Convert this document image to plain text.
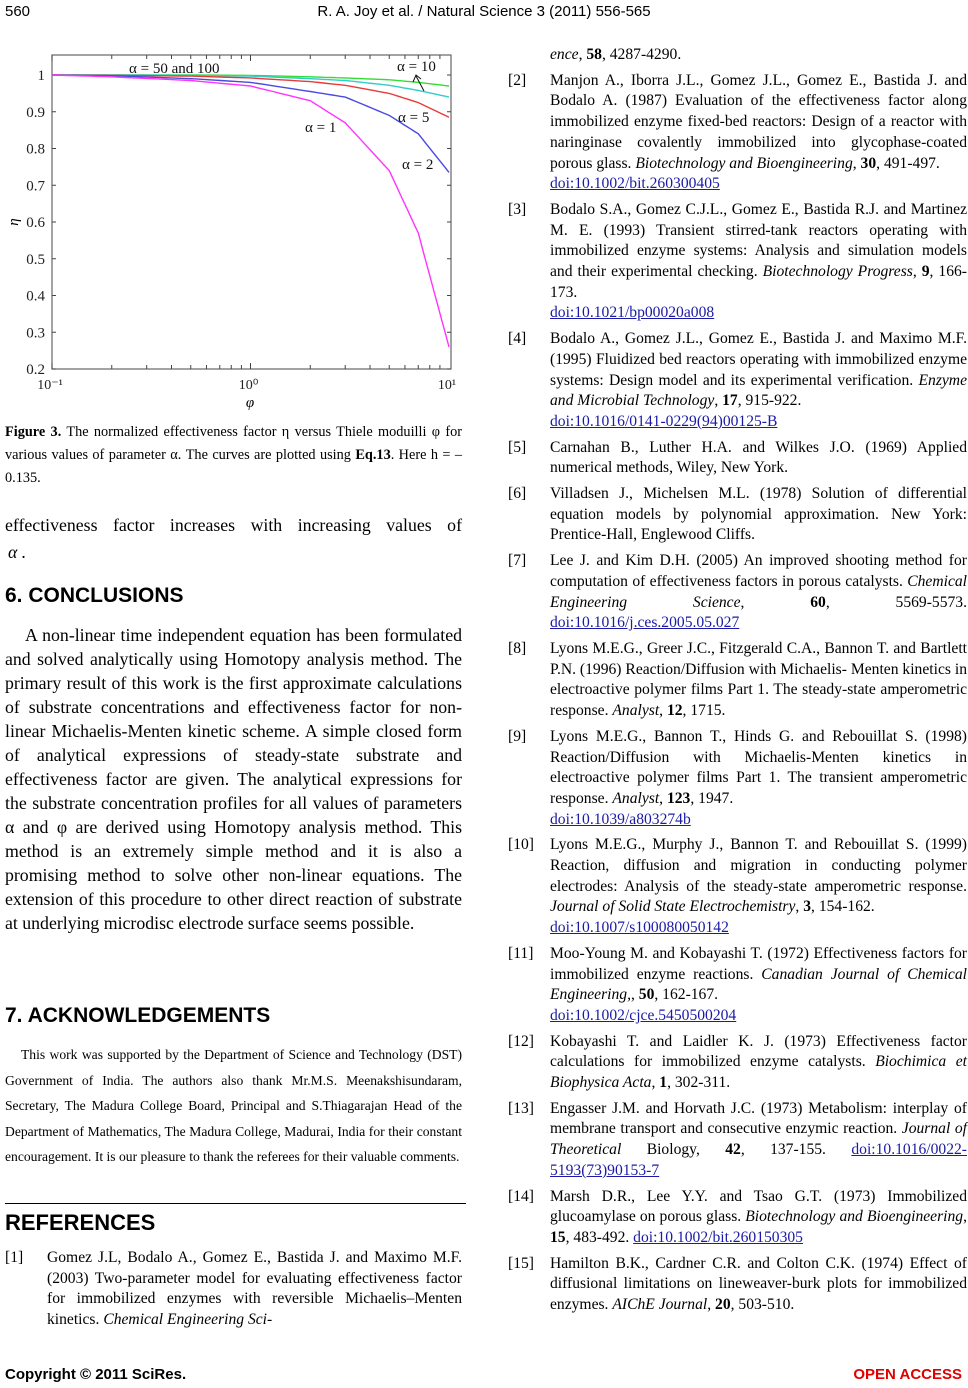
560	R. A. Joy et al. / Natural Science 3 (2011) 556-565
0.2
0.3
0.4
0.5
0.6
0.7
0.8
0.9
1
10⁻¹	10⁰	10¹
φ
η
α = 50 and 100	α = 10
α = 5
α = 1
α = 2
Figure 3. The normalized effectiveness factor η versus Thiele moduilli φ for various values of parameter α. The curves are plotted using Eq.13. Here h = –0.135.
effectiveness factor increases with increasing values of
α .
6. CONCLUSIONS
A non-linear time independent equation has been formulated and solved analytically using Homotopy analysis method. The primary result of this work is the first approximate calculations of substrate concentrations and effectiveness factor for non-linear Michaelis-Menten kinetic scheme. A simple closed form of analytical expressions of steady-state substrate and effectiveness factor are given. The analytical expressions for the substrate concentration profiles for all values of parameters α and φ are derived using Homotopy analysis method. This method is an extremely simple method and it is also a promising method to solve other non-linear equations. The extension of this procedure to other direct reaction of substrate at underlying microdisc electrode surface seems possible.
7. ACKNOWLEDGEMENTS
This work was supported by the Department of Science and Technology (DST) Government of India. The authors also thank Mr.M.S. Meenakshisundaram, Secretary, The Madura College Board, Principal and S.Thiagarajan Head of the Department of Mathematics, The Madura College, Madurai, India for their constant encouragement. It is our pleasure to thank the referees for their valuable comments.
REFERENCES
[1]	Gomez J.L, Bodalo A., Gomez E., Bastida J. and Maximo M.F. (2003) Two-parameter model for evaluating effectiveness factor for immobilized enzymes with reversible Michaelis–Menten kinetics. Chemical Engineering Sci-
ence, 58, 4287-4290.
[2]	Manjon A., Iborra J.L., Gomez J.L., Gomez E., Bastida J. and Bodalo A. (1987) Evaluation of the effectiveness factor along immobilized enzyme fixed-bed reactors: Design of a reactor with naringinase covalently immobilized into glycophase-coated porous glass. Biotechnology and Bioengineering, 30, 491-497.
doi:10.1002/bit.260300405
[3]	Bodalo S.A., Gomez C.J.L., Gomez E., Bastida R.J. and Martinez M. E. (1993) Transient stirred-tank reactors operating with immobilized enzyme systems: Analysis and simulation models and their experimental checking. Biotechnology Progress, 9, 166-173.
doi:10.1021/bp00020a008
[4]	Bodalo A., Gomez J.L., Gomez E., Bastida J. and Maximo M.F. (1995) Fluidized bed reactors operating with immobilized enzyme systems: Design model and its experimental verification. Enzyme and Microbial Technology, 17, 915-922.
doi:10.1016/0141-0229(94)00125-B
[5]	Carnahan B., Luther H.A. and Wilkes J.O. (1969) Applied numerical methods, Wiley, New York.
[6]	Villadsen J., Michelsen M.L. (1978) Solution of differential equation models by polynomial approximation. New York: Prentice-Hall, Englewood Cliffs.
[7]	Lee J. and Kim D.H. (2005) An improved shooting method for computation of effectiveness factors in porous catalysts. Chemical Engineering Science, 60, 5569-5573. doi:10.1016/j.ces.2005.05.027
[8]	Lyons M.E.G., Greer J.C., Fitzgerald C.A., Bannon T. and Bartlett P.N. (1996) Reaction/Diffusion with Michaelis- Menten kinetics in electroactive polymer films Part 1. The steady-state amperometric response. Analyst, 12, 1715.
[9]	Lyons M.E.G., Bannon T., Hinds G. and Rebouillat S. (1998) Reaction/Diffusion with Michaelis-Menten kinetics in electroactive polymer films Part 1. The transient amperometric response. Analyst, 123, 1947.
doi:10.1039/a803274b
[10]	Lyons M.E.G., Murphy J., Bannon T. and Rebouillat S. (1999) Reaction, diffusion and migration in conducting polymer electrodes: Analysis of the steady-state amperometric response. Journal of Solid State Electrochemistry, 3, 154-162.
doi:10.1007/s100080050142
[11]	Moo-Young M. and Kobayashi T. (1972) Effectiveness factors for immobilized enzyme reactions. Canadian Journal of Chemical Engineering,, 50, 162-167.
doi:10.1002/cjce.5450500204
[12]	Kobayashi T. and Laidler K. J. (1973) Effectiveness factor calculations for immobilized enzyme catalysts. Biochimica et Biophysica Acta, 1, 302-311.
[13]	Engasser J.M. and Horvath J.C. (1973) Metabolism: interplay of membrane transport and consecutive enzymic reaction. Journal of Theoretical Biology, 42, 137-155. doi:10.1016/0022-5193(73)90153-7
[14]	Marsh D.R., Lee Y.Y. and Tsao G.T. (1973) Immobilized glucoamylase on porous glass. Biotechnology and Bioengineering, 15, 483-492. doi:10.1002/bit.260150305
[15]	Hamilton B.K., Cardner C.R. and Colton C.K. (1974) Effect of diffusional limitations on lineweaver-burk plots for immobilized enzymes. AIChE Journal, 20, 503-510.
Copyright © 2011 SciRes.	OPEN ACCESS
